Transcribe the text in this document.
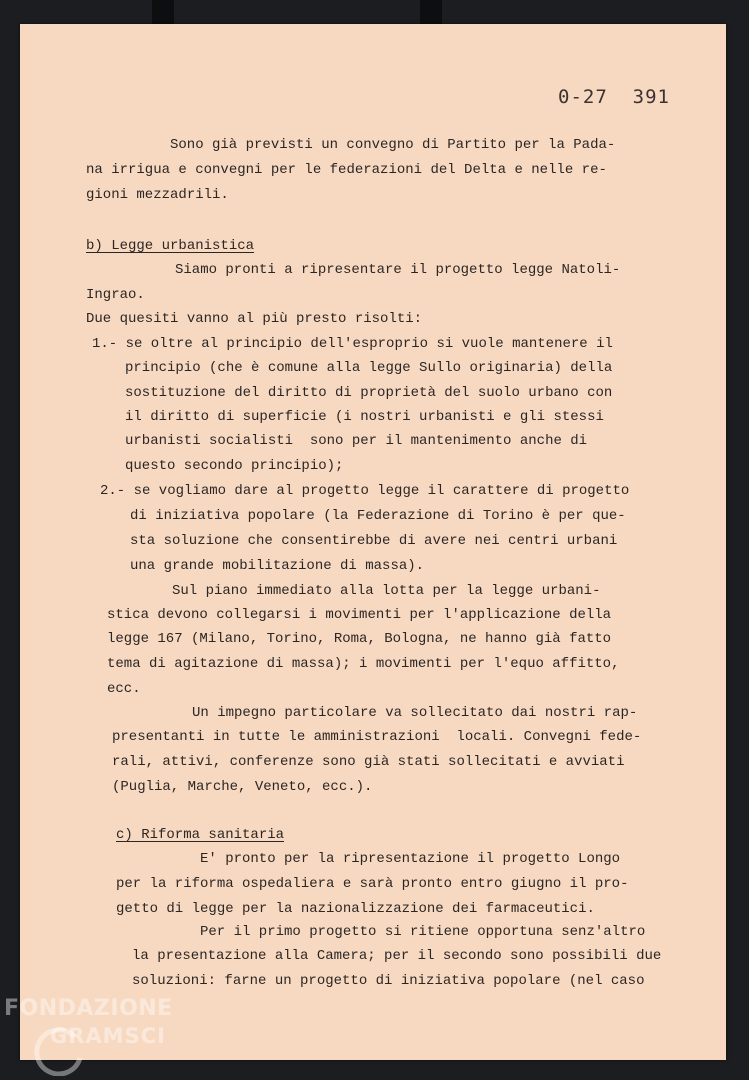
0-27  391
Sono già previsti un convegno di Partito per la Pada-
na irrigua e convegni per le federazioni del Delta e nelle re-
gioni mezzadrili.
b) Legge urbanistica
Siamo pronti a ripresentare il progetto legge Natoli-
Ingrao.
Due quesiti vanno al più presto risolti:
1.- se oltre al principio dell'esproprio si vuole mantenere il
principio (che è comune alla legge Sullo originaria) della
sostituzione del diritto di proprietà del suolo urbano con
il diritto di superficie (i nostri urbanisti e gli stessi
urbanisti socialisti  sono per il mantenimento anche di
questo secondo principio);
2.- se vogliamo dare al progetto legge il carattere di progetto
di iniziativa popolare (la Federazione di Torino è per que-
sta soluzione che consentirebbe di avere nei centri urbani
una grande mobilitazione di massa).
Sul piano immediato alla lotta per la legge urbani-
stica devono collegarsi i movimenti per l'applicazione della
legge 167 (Milano, Torino, Roma, Bologna, ne hanno già fatto
tema di agitazione di massa); i movimenti per l'equo affitto,
ecc.
Un impegno particolare va sollecitato dai nostri rap-
presentanti in tutte le amministrazioni  locali. Convegni fede-
rali, attivi, conferenze sono già stati sollecitati e avviati
(Puglia, Marche, Veneto, ecc.).
c) Riforma sanitaria
E' pronto per la ripresentazione il progetto Longo
per la riforma ospedaliera e sarà pronto entro giugno il pro-
getto di legge per la nazionalizzazione dei farmaceutici.
Per il primo progetto si ritiene opportuna senz'altro
la presentazione alla Camera; per il secondo sono possibili due
soluzioni: farne un progetto di iniziativa popolare (nel caso
FONDAZIONE
GRAMSCI
